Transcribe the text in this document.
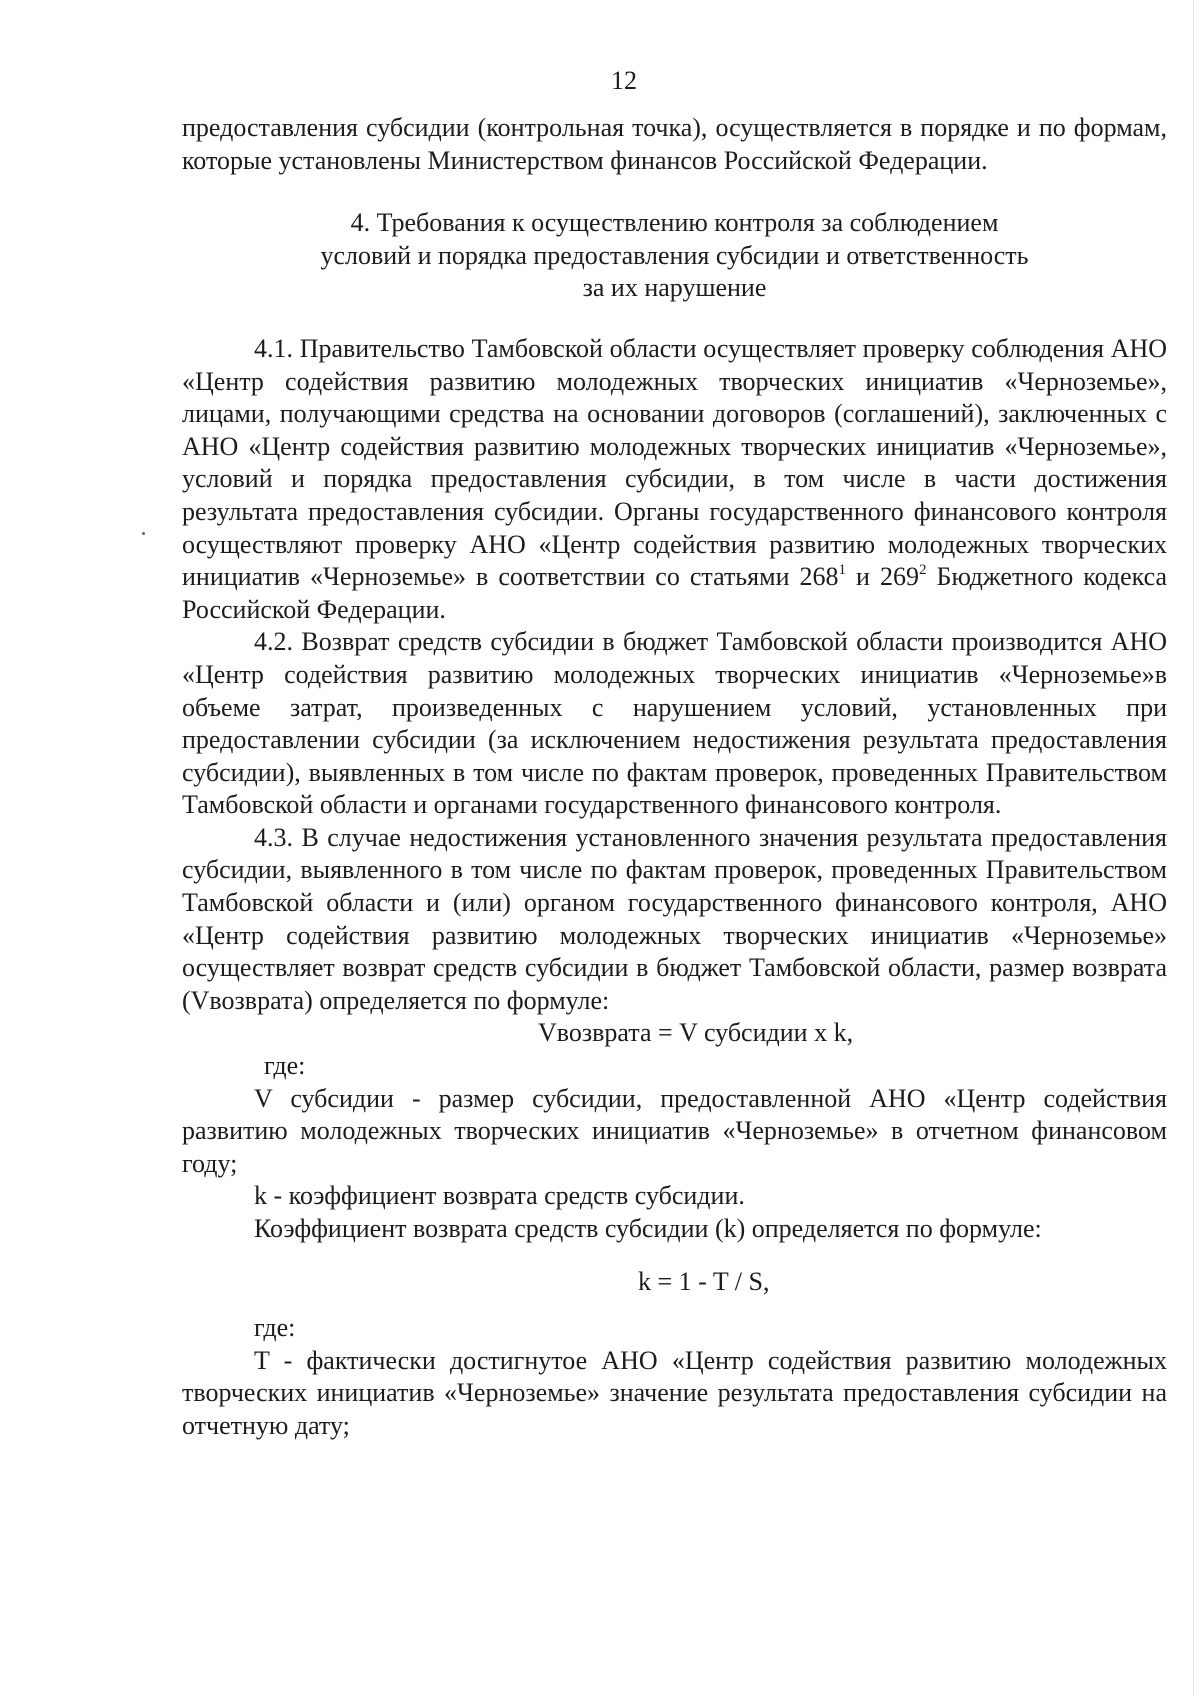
12

предоставления субсидии (контрольная точка), осуществляется в порядке и по формам, которые установлены Министерством финансов Российской Федерации.

4. Требования к осуществлению контроля за соблюдением
условий и порядка предоставления субсидии и ответственность
за их нарушение

4.1. Правительство Тамбовской области осуществляет проверку соблюдения АНО «Центр содействия развитию молодежных творческих инициатив «Черноземье», лицами, получающими средства на основании договоров (соглашений), заключенных с АНО «Центр содействия развитию молодежных творческих инициатив «Черноземье», условий и порядка предоставления субсидии, в том числе в части достижения результата предоставления субсидии. Органы государственного финансового контроля осуществляют проверку АНО «Центр содействия развитию молодежных творческих инициатив «Черноземье» в соответствии со статьями $268^1$ и $269^2$ Бюджетного кодекса Российской Федерации.

4.2. Возврат средств субсидии в бюджет Тамбовской области производится АНО «Центр содействия развитию молодежных творческих инициатив «Черноземье»в объеме затрат, произведенных с нарушением условий, установленных при предоставлении субсидии (за исключением недостижения результата предоставления субсидии), выявленных в том числе по фактам проверок, проведенных Правительством Тамбовской области и органами государственного финансового контроля.

4.3. В случае недостижения установленного значения результата предоставления субсидии, выявленного в том числе по фактам проверок, проведенных Правительством Тамбовской области и (или) органом государственного финансового контроля, АНО «Центр содействия развитию молодежных творческих инициатив «Черноземье» осуществляет возврат средств субсидии в бюджет Тамбовской области, размер возврата (Vвозврата) определяется по формуле:

Vвозврата = V субсидии x k,

где:

V субсидии - размер субсидии, предоставленной АНО «Центр содействия развитию молодежных творческих инициатив «Черноземье» в отчетном финансовом году;

k - коэффициент возврата средств субсидии.

Коэффициент возврата средств субсидии (k) определяется по формуле:

k = 1 - T / S,

где:

T - фактически достигнутое АНО «Центр содействия развитию молодежных творческих инициатив «Черноземье» значение результата предоставления субсидии на отчетную дату;
